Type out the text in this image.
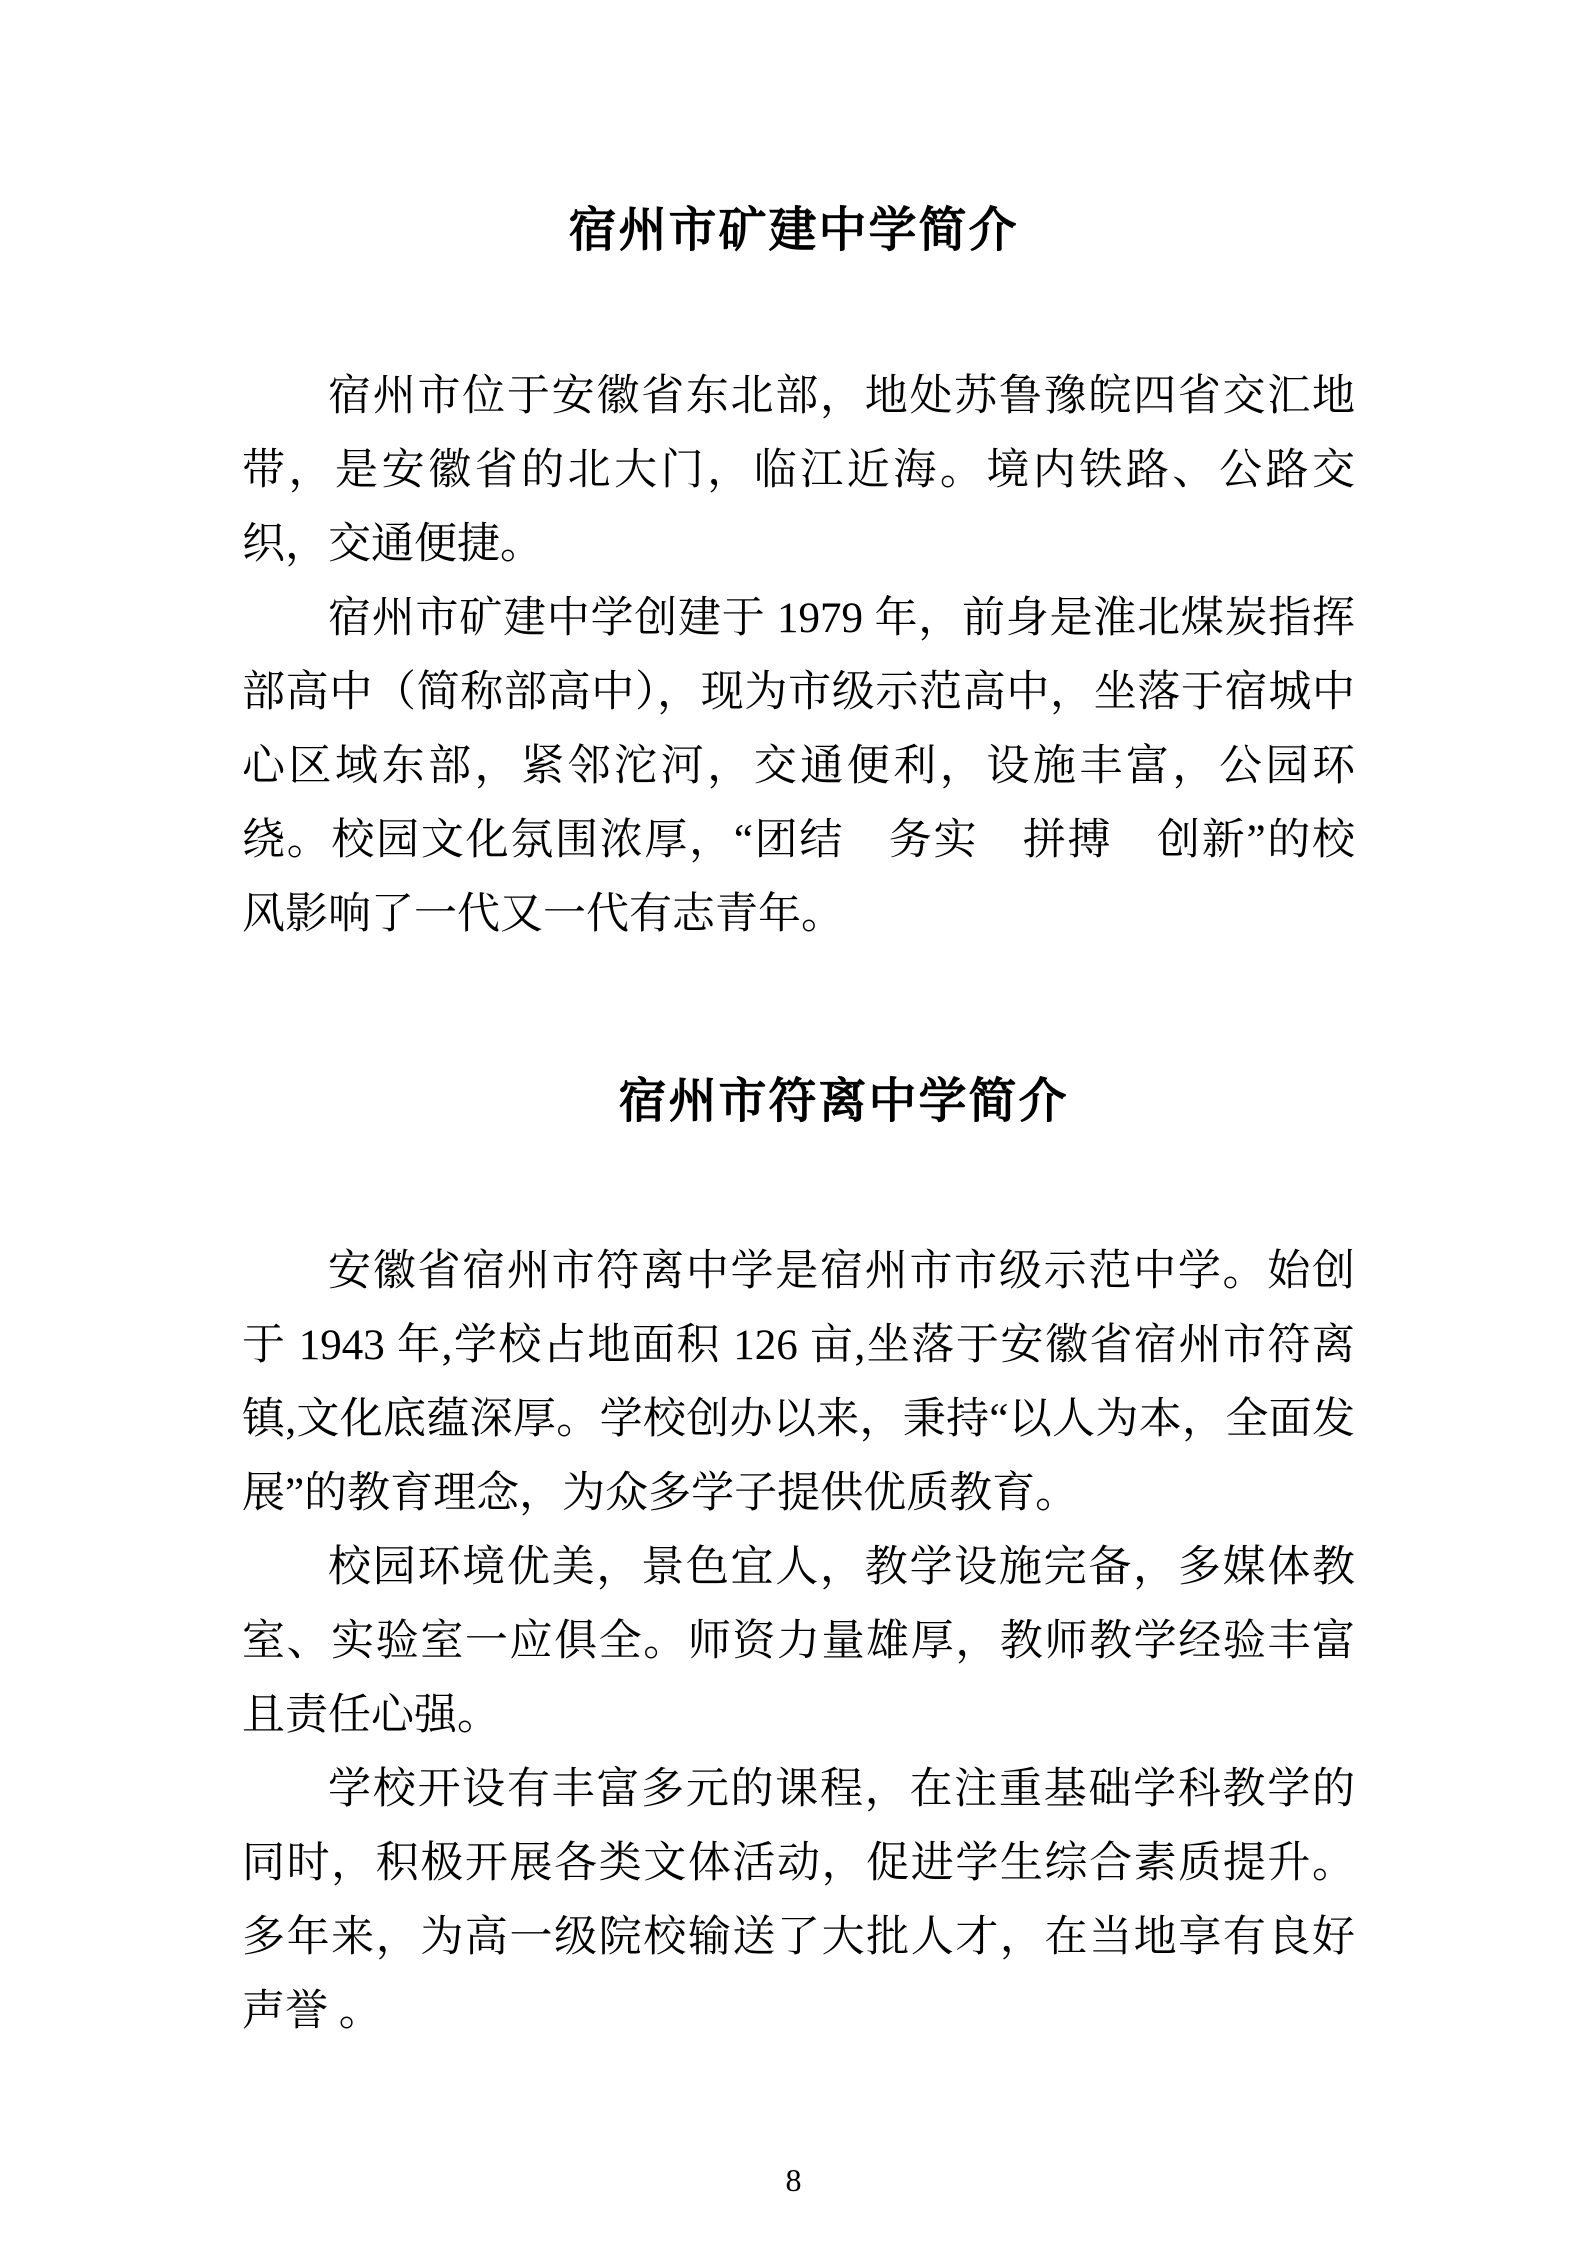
宿州市矿建中学简介

宿州市位于安徽省东北部，地处苏鲁豫皖四省交汇地带，是安徽省的北大门，临江近海。境内铁路、公路交织，交通便捷。

宿州市矿建中学创建于 1979 年，前身是淮北煤炭指挥部高中（简称部高中），现为市级示范高中，坐落于宿城中心区域东部，紧邻沱河，交通便利，设施丰富，公园环绕。校园文化氛围浓厚，“团结　务实　拼搏　创新”的校风影响了一代又一代有志青年。

宿州市符离中学简介

安徽省宿州市符离中学是宿州市市级示范中学。始创于 1943 年,学校占地面积 126 亩,坐落于安徽省宿州市符离镇,文化底蕴深厚。学校创办以来，秉持“以人为本，全面发展”的教育理念，为众多学子提供优质教育。

校园环境优美，景色宜人，教学设施完备，多媒体教室、实验室一应俱全。师资力量雄厚，教师教学经验丰富且责任心强。

学校开设有丰富多元的课程，在注重基础学科教学的同时，积极开展各类文体活动，促进学生综合素质提升。多年来，为高一级院校输送了大批人才，在当地享有良好声誉 。

8
